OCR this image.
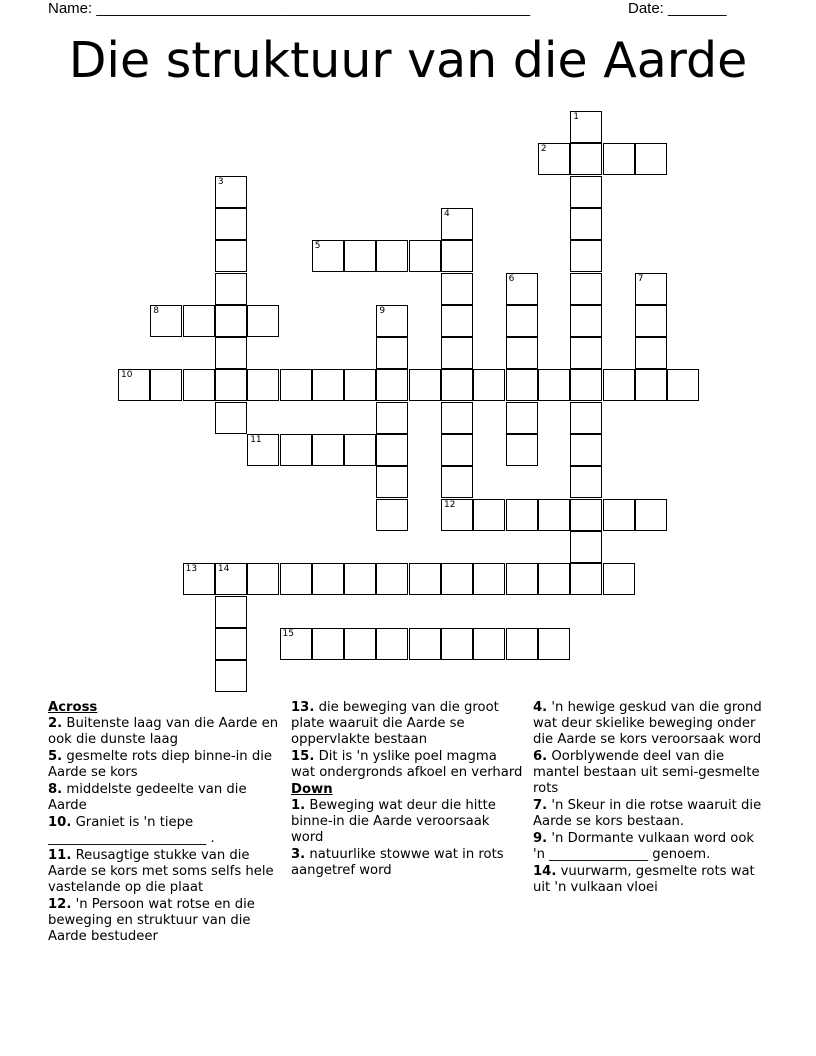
Name: ____________________________________________________	Date: _______
Die struktuur van die Aarde
1
2
3
4
5
6	7
8	9
10
11
12
13 14
15
Across
2. Buitenste laag van die Aarde en ook die dunste laag
5. gesmelte rots diep binne-in die Aarde se kors
8. middelste gedeelte van die Aarde
10. Graniet is 'n tiepe ________________________ .
11. Reusagtige stukke van die Aarde se kors met soms selfs hele vastelande op die plaat
12. 'n Persoon wat rotse en die beweging en struktuur van die Aarde bestudeer
13. die beweging van die groot plate waaruit die Aarde se oppervlakte bestaan
15. Dit is 'n yslike poel magma wat ondergronds afkoel en verhard
Down
1. Beweging wat deur die hitte binne-in die Aarde veroorsaak word
3. natuurlike stowwe wat in rots aangetref word
4. 'n hewige geskud van die grond wat deur skielike beweging onder die Aarde se kors veroorsaak word
6. Oorblywende deel van die mantel bestaan uit semi-gesmelte rots
7. 'n Skeur in die rotse waaruit die Aarde se kors bestaan.
9. 'n Dormante vulkaan word ook 'n _______________ genoem.
14. vuurwarm, gesmelte rots wat uit 'n vulkaan vloei
